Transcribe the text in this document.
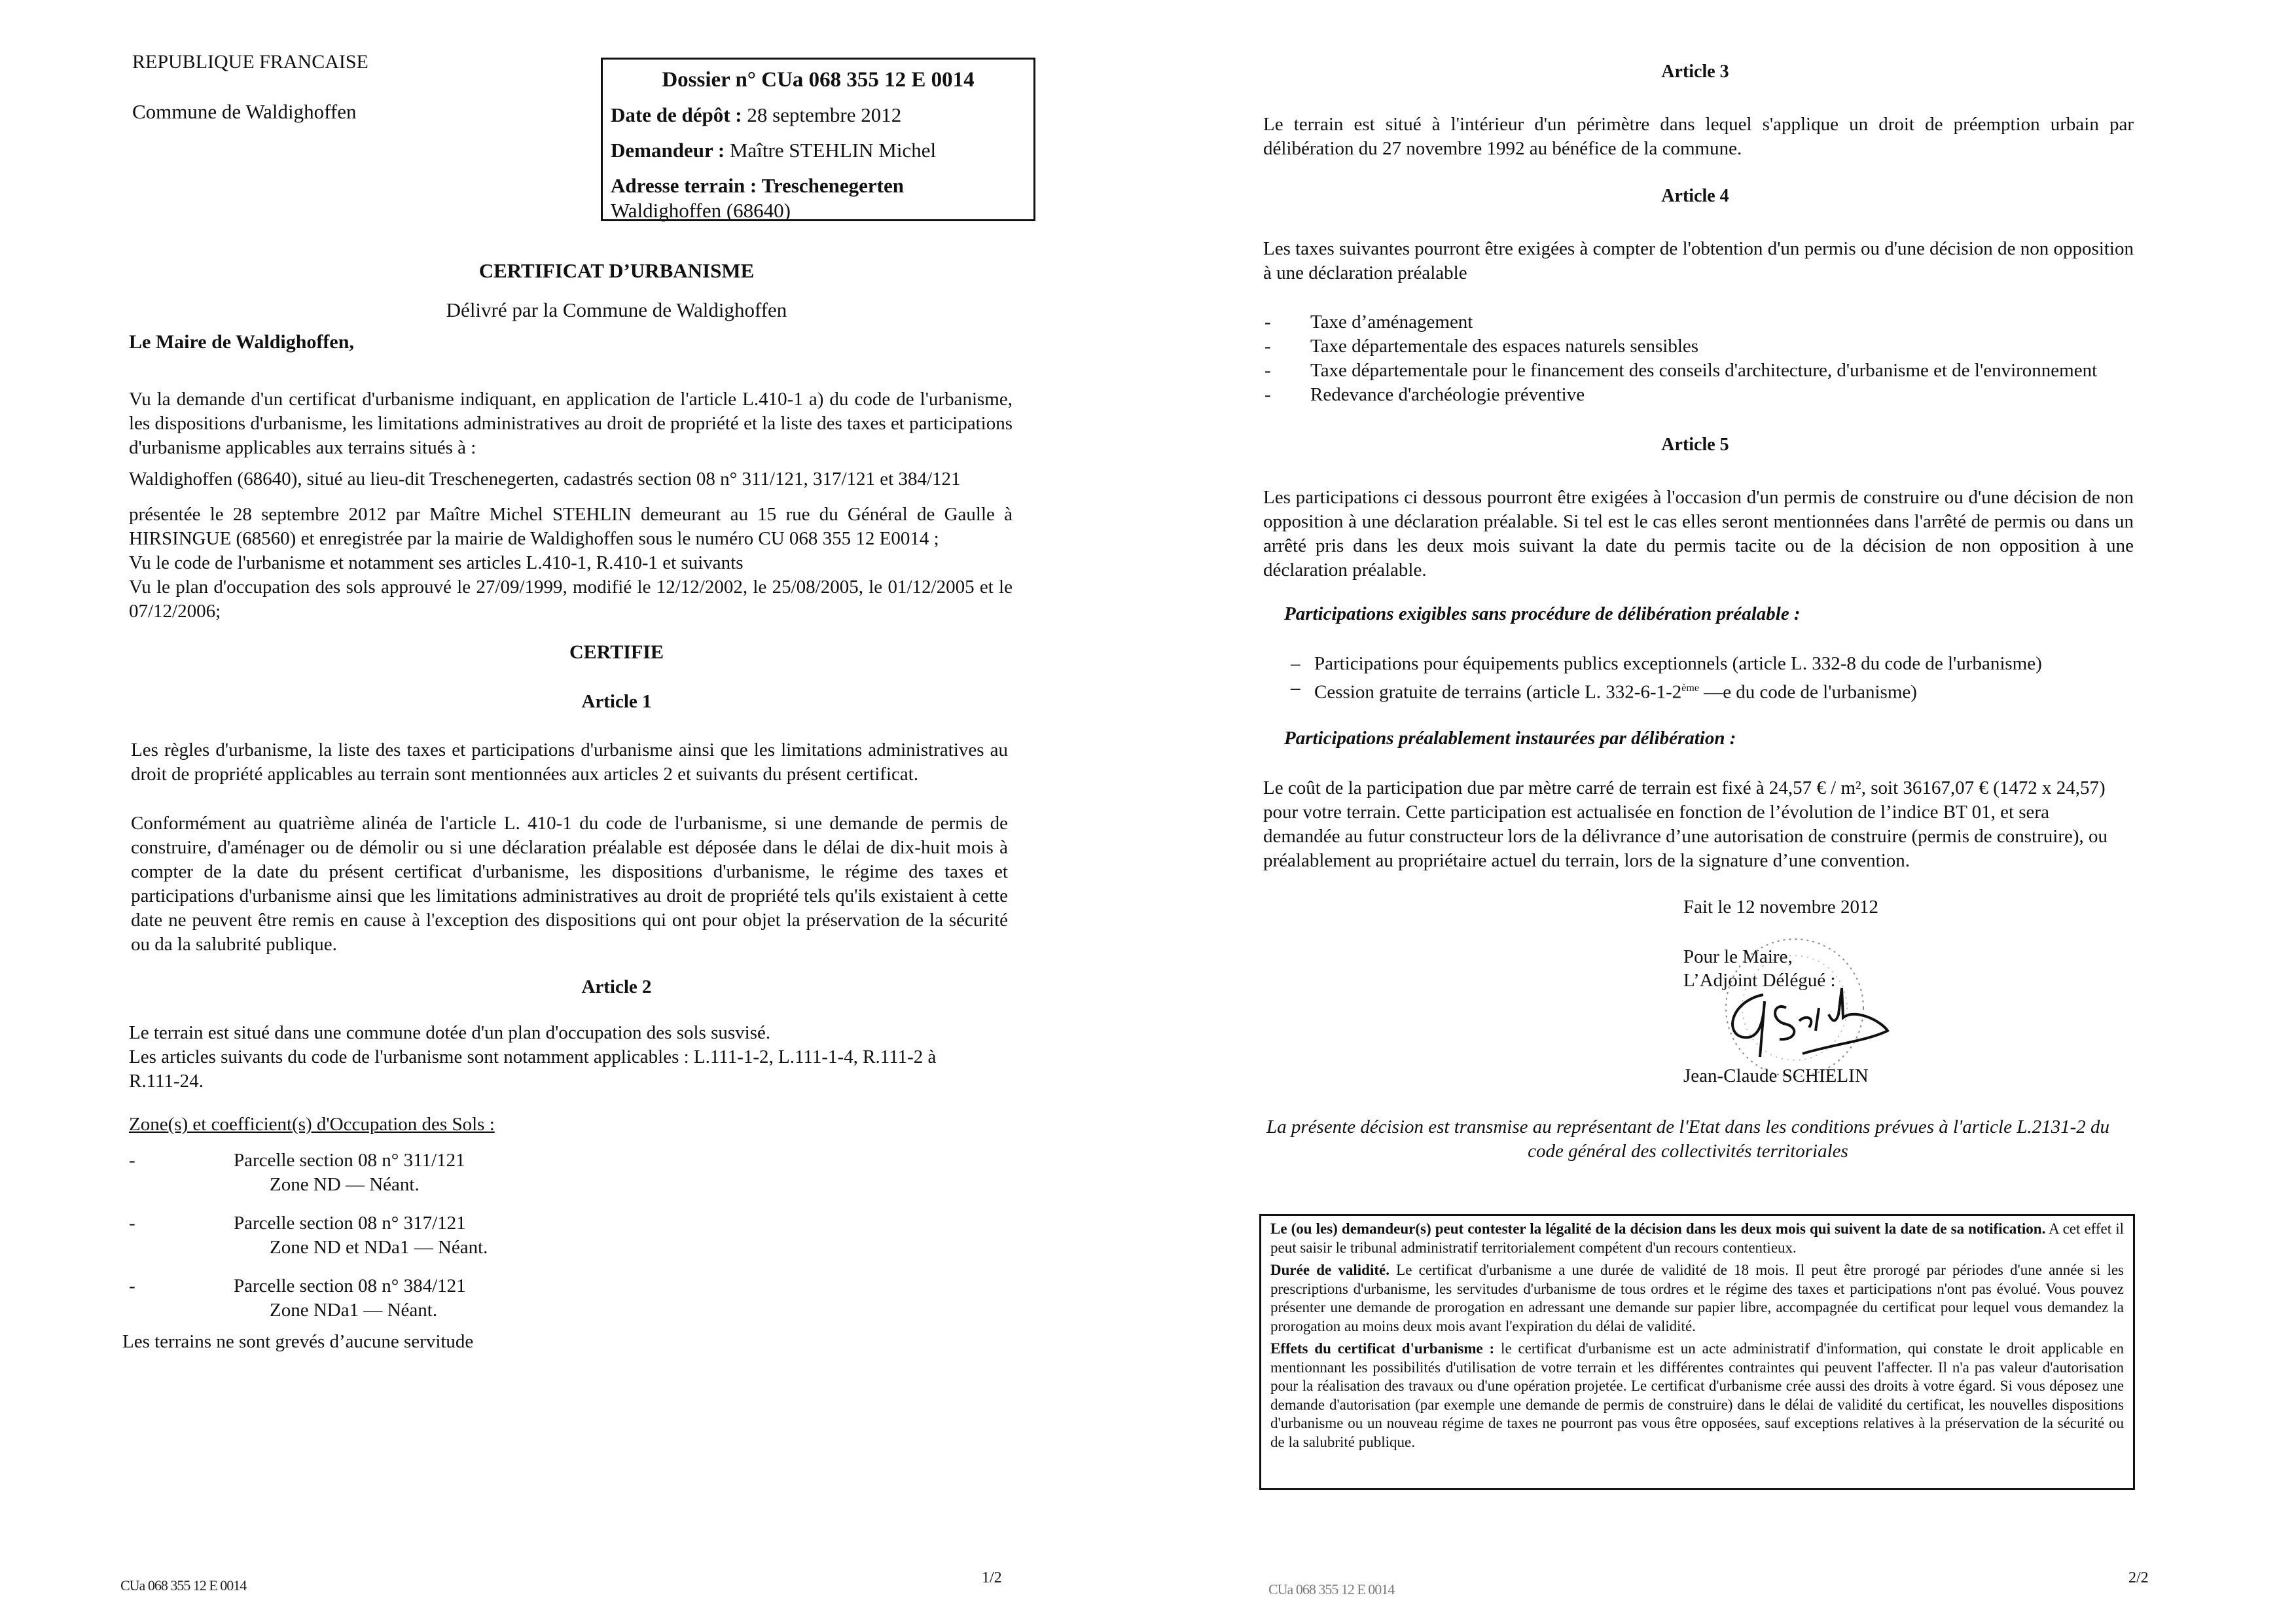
REPUBLIQUE FRANCAISE
Commune de Waldighoffen
Dossier n° CUa 068 355 12 E 0014
Date de dépôt : 28 septembre 2012
Demandeur : Maître STEHLIN Michel
Adresse terrain : Treschenegerten
Waldighoffen (68640)
CERTIFICAT D’URBANISME
Délivré par la Commune de Waldighoffen
Le Maire de Waldighoffen,
Vu la demande d'un certificat d'urbanisme indiquant, en application de l'article L.410-1 a) du code de l'urbanisme, les dispositions d'urbanisme, les limitations administratives au droit de propriété et la liste des taxes et participations d'urbanisme applicables aux terrains situés à :
Waldighoffen (68640), situé au lieu-dit Treschenegerten, cadastrés section 08 n° 311/121, 317/121 et 384/121
présentée le 28 septembre 2012 par Maître Michel STEHLIN demeurant au 15 rue du Général de Gaulle à HIRSINGUE (68560) et enregistrée par la mairie de Waldighoffen sous le numéro CU 068 355 12 E0014 ;
Vu le code de l'urbanisme et notamment ses articles L.410-1, R.410-1 et suivants
Vu le plan d'occupation des sols approuvé le 27/09/1999, modifié le 12/12/2002, le 25/08/2005, le 01/12/2005 et le 07/12/2006;
CERTIFIE
Article 1
Les règles d'urbanisme, la liste des taxes et participations d'urbanisme ainsi que les limitations administratives au droit de propriété applicables au terrain sont mentionnées aux articles 2 et suivants du présent certificat.
Conformément au quatrième alinéa de l'article L. 410-1 du code de l'urbanisme, si une demande de permis de construire, d'aménager ou de démolir ou si une déclaration préalable est déposée dans le délai de dix-huit mois à compter de la date du présent certificat d'urbanisme, les dispositions d'urbanisme, le régime des taxes et participations d'urbanisme ainsi que les limitations administratives au droit de propriété tels qu'ils existaient à cette date ne peuvent être remis en cause à l'exception des dispositions qui ont pour objet la préservation de la sécurité ou da la salubrité publique.
Article 2
Le terrain est situé dans une commune dotée d'un plan d'occupation des sols susvisé.
Les articles suivants du code de l'urbanisme sont notamment applicables : L.111-1-2, L.111-1-4, R.111-2 à R.111-24.
Zone(s) et coefficient(s) d'Occupation des Sols :
-	Parcelle section 08 n° 311/121
Zone ND — Néant.
-	Parcelle section 08 n° 317/121
Zone ND et NDa1 — Néant.
-	Parcelle section 08 n° 384/121
Zone NDa1 — Néant.
Les terrains ne sont grevés d’aucune servitude
CUa 068 355 12 E 0014	1/2
Article 3
Le terrain est situé à l'intérieur d'un périmètre dans lequel s'applique un droit de préemption urbain par délibération du 27 novembre 1992 au bénéfice de la commune.
Article 4
Les taxes suivantes pourront être exigées à compter de l'obtention d'un permis ou d'une décision de non opposition à une déclaration préalable
- Taxe d’aménagement
- Taxe départementale des espaces naturels sensibles
- Taxe départementale pour le financement des conseils d'architecture, d'urbanisme et de l'environnement
- Redevance d'archéologie préventive
Article 5
Les participations ci dessous pourront être exigées à l'occasion d'un permis de construire ou d'une décision de non opposition à une déclaration préalable. Si tel est le cas elles seront mentionnées dans l'arrêté de permis ou dans un arrêté pris dans les deux mois suivant la date du permis tacite ou de la décision de non opposition à une déclaration préalable.
Participations exigibles sans procédure de délibération préalable :
– Participations pour équipements publics exceptionnels (article L. 332-8 du code de l'urbanisme)
– Cession gratuite de terrains (article L. 332-6-1-2ème —e du code de l'urbanisme)
Participations préalablement instaurées par délibération :
Le coût de la participation due par mètre carré de terrain est fixé à 24,57 € / m², soit 36167,07 € (1472 x 24,57) pour votre terrain. Cette participation est actualisée en fonction de l’évolution de l’indice BT 01, et sera demandée au futur constructeur lors de la délivrance d’une autorisation de construire (permis de construire), ou préalablement au propriétaire actuel du terrain, lors de la signature d’une convention.
Fait le 12 novembre 2012
Pour le Maire,
L’Adjoint Délégué :
Jean-Claude SCHIELIN
La présente décision est transmise au représentant de l'Etat dans les conditions prévues à l'article L.2131-2 du code général des collectivités territoriales

Le (ou les) demandeur(s) peut contester la légalité de la décision dans les deux mois qui suivent la date de sa notification. A cet effet il peut saisir le tribunal administratif territorialement compétent d'un recours contentieux.

Durée de validité. Le certificat d'urbanisme a une durée de validité de 18 mois. Il peut être prorogé par périodes d'une année si les prescriptions d'urbanisme, les servitudes d'urbanisme de tous ordres et le régime des taxes et participations n'ont pas évolué. Vous pouvez présenter une demande de prorogation en adressant une demande sur papier libre, accompagnée du certificat pour lequel vous demandez la prorogation au moins deux mois avant l'expiration du délai de validité.

Effets du certificat d'urbanisme : le certificat d'urbanisme est un acte administratif d'information, qui constate le droit applicable en mentionnant les possibilités d'utilisation de votre terrain et les différentes contraintes qui peuvent l'affecter. Il n'a pas valeur d'autorisation pour la réalisation des travaux ou d'une opération projetée. Le certificat d'urbanisme crée aussi des droits à votre égard. Si vous déposez une demande d'autorisation (par exemple une demande de permis de construire) dans le délai de validité du certificat, les nouvelles dispositions d'urbanisme ou un nouveau régime de taxes ne pourront pas vous être opposées, sauf exceptions relatives à la préservation de la sécurité ou de la salubrité publique.

CUa 068 355 12 E 0014
2/2
